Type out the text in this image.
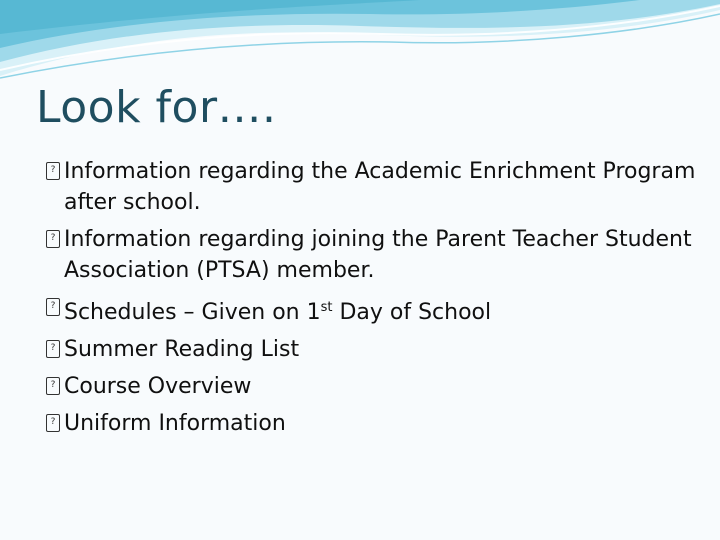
Look for….
? Information regarding the Academic Enrichment Program after school.
? Information regarding joining the Parent Teacher Student Association (PTSA) member.
? Schedules – Given on 1st Day of School
? Summer Reading List
? Course Overview
? Uniform Information
